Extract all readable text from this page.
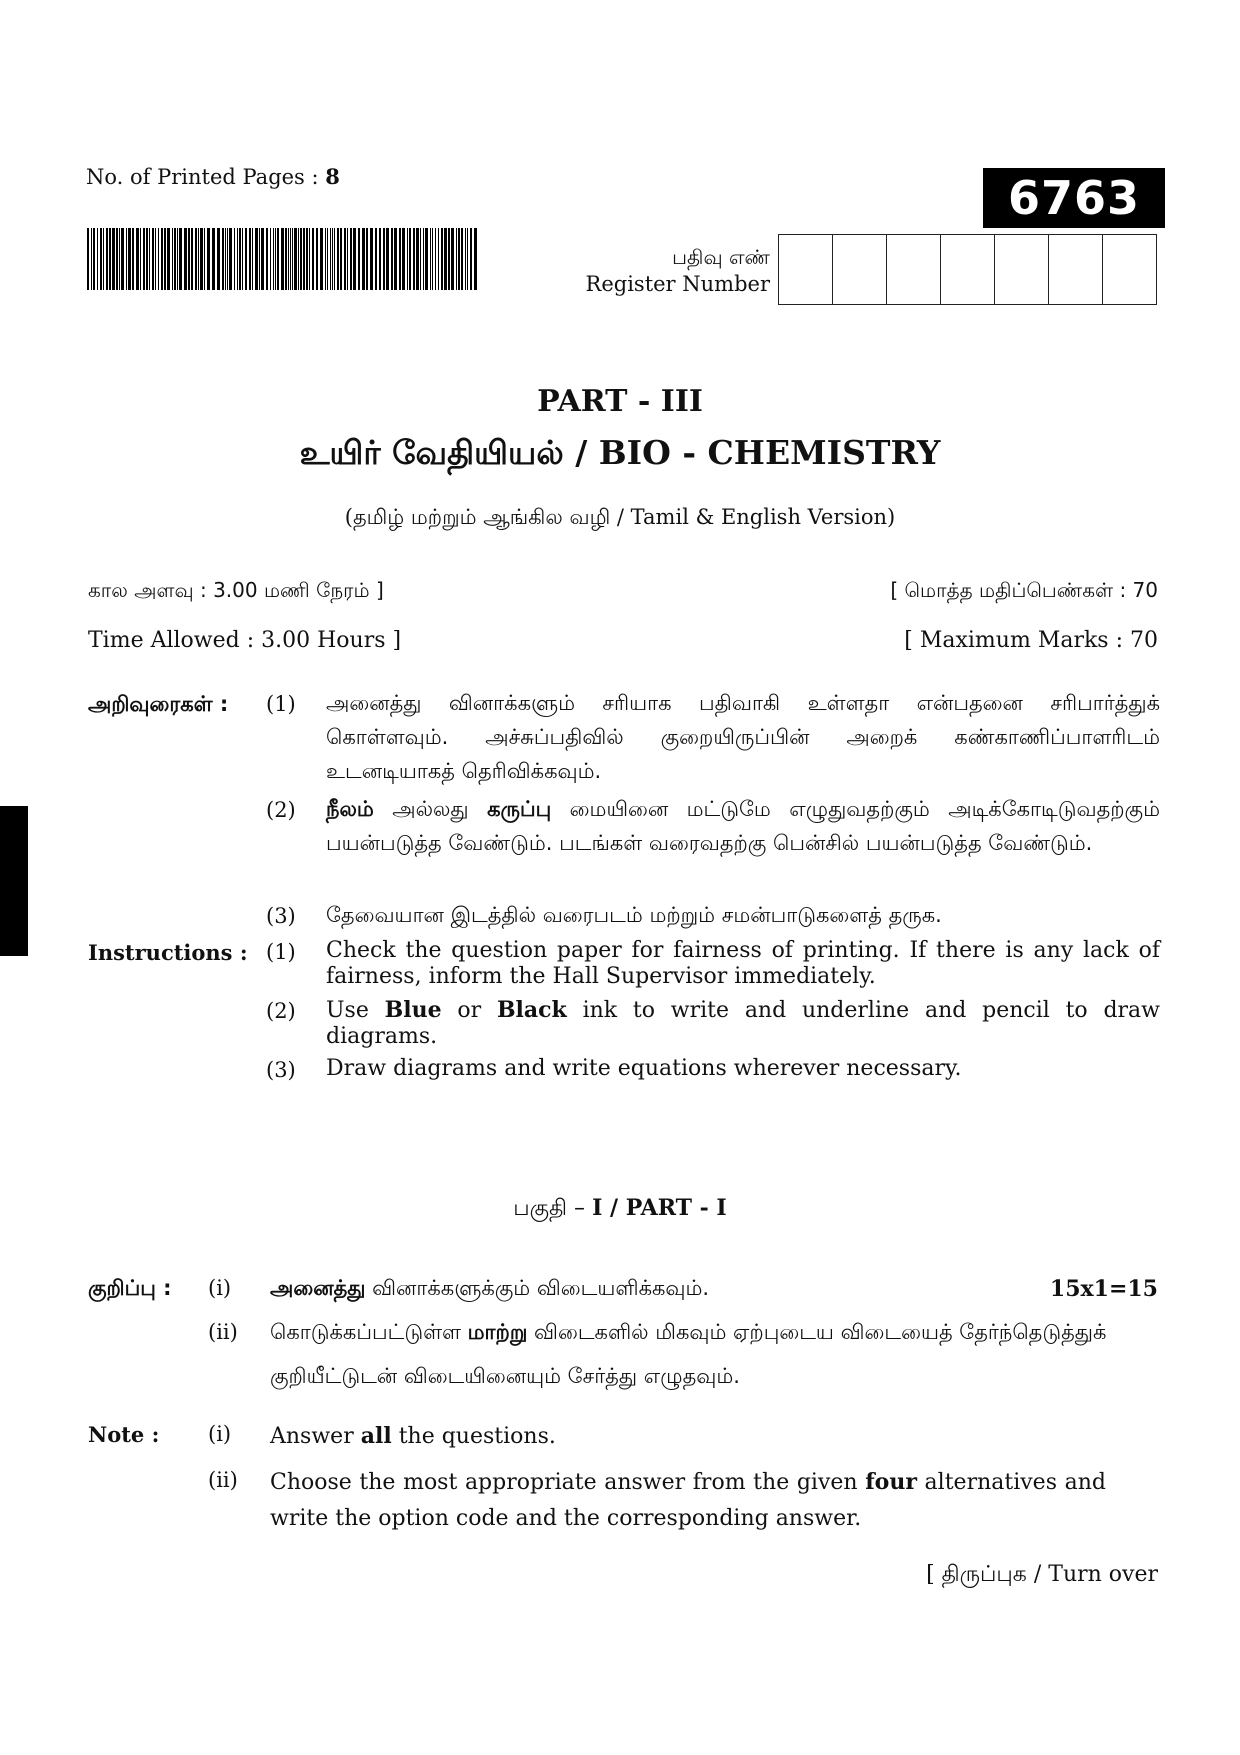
No. of Printed Pages : 8	6763
பதிவு எண்
Register Number
PART - III
உயிர் வேதியியல் / BIO - CHEMISTRY
(தமிழ் மற்றும் ஆங்கில வழி / Tamil & English Version)
கால அளவு : 3.00 மணி நேரம் ]	[ மொத்த மதிப்பெண்கள் : 70
Time Allowed : 3.00 Hours ]	[ Maximum Marks : 70
அறிவுரைகள் : (1)	அனைத்து வினாக்களும் சரியாக பதிவாகி உள்ளதா என்பதனை சரிபார்த்துக் கொள்ளவும். அச்சுப்பதிவில் குறையிருப்பின் அறைக் கண்காணிப்பாளரிடம் உடனடியாகத் தெரிவிக்கவும்.
(2)	நீலம் அல்லது கருப்பு மையினை மட்டுமே எழுதுவதற்கும் அடிக்கோடிடுவதற்கும் பயன்படுத்த வேண்டும். படங்கள் வரைவதற்கு பென்சில் பயன்படுத்த வேண்டும்.
(3)	தேவையான இடத்தில் வரைபடம் மற்றும் சமன்பாடுகளைத் தருக.
Instructions : (1)	Check the question paper for fairness of printing. If there is any lack of fairness, inform the Hall Supervisor immediately.
(2)	Use Blue or Black ink to write and underline and pencil to draw diagrams.
(3)	Draw diagrams and write equations wherever necessary.
பகுதி – I / PART - I
குறிப்பு : (i)	அனைத்து வினாக்களுக்கும் விடையளிக்கவும்.	15x1=15
(ii)	கொடுக்கப்பட்டுள்ள மாற்று விடைகளில் மிகவும் ஏற்புடைய விடையைத் தேர்ந்தெடுத்துக் குறியீட்டுடன் விடையினையும் சேர்த்து எழுதவும்.
Note : (i)	Answer all the questions.
(ii)	Choose the most appropriate answer from the given four alternatives and write the option code and the corresponding answer.
[ திருப்புக / Turn over
